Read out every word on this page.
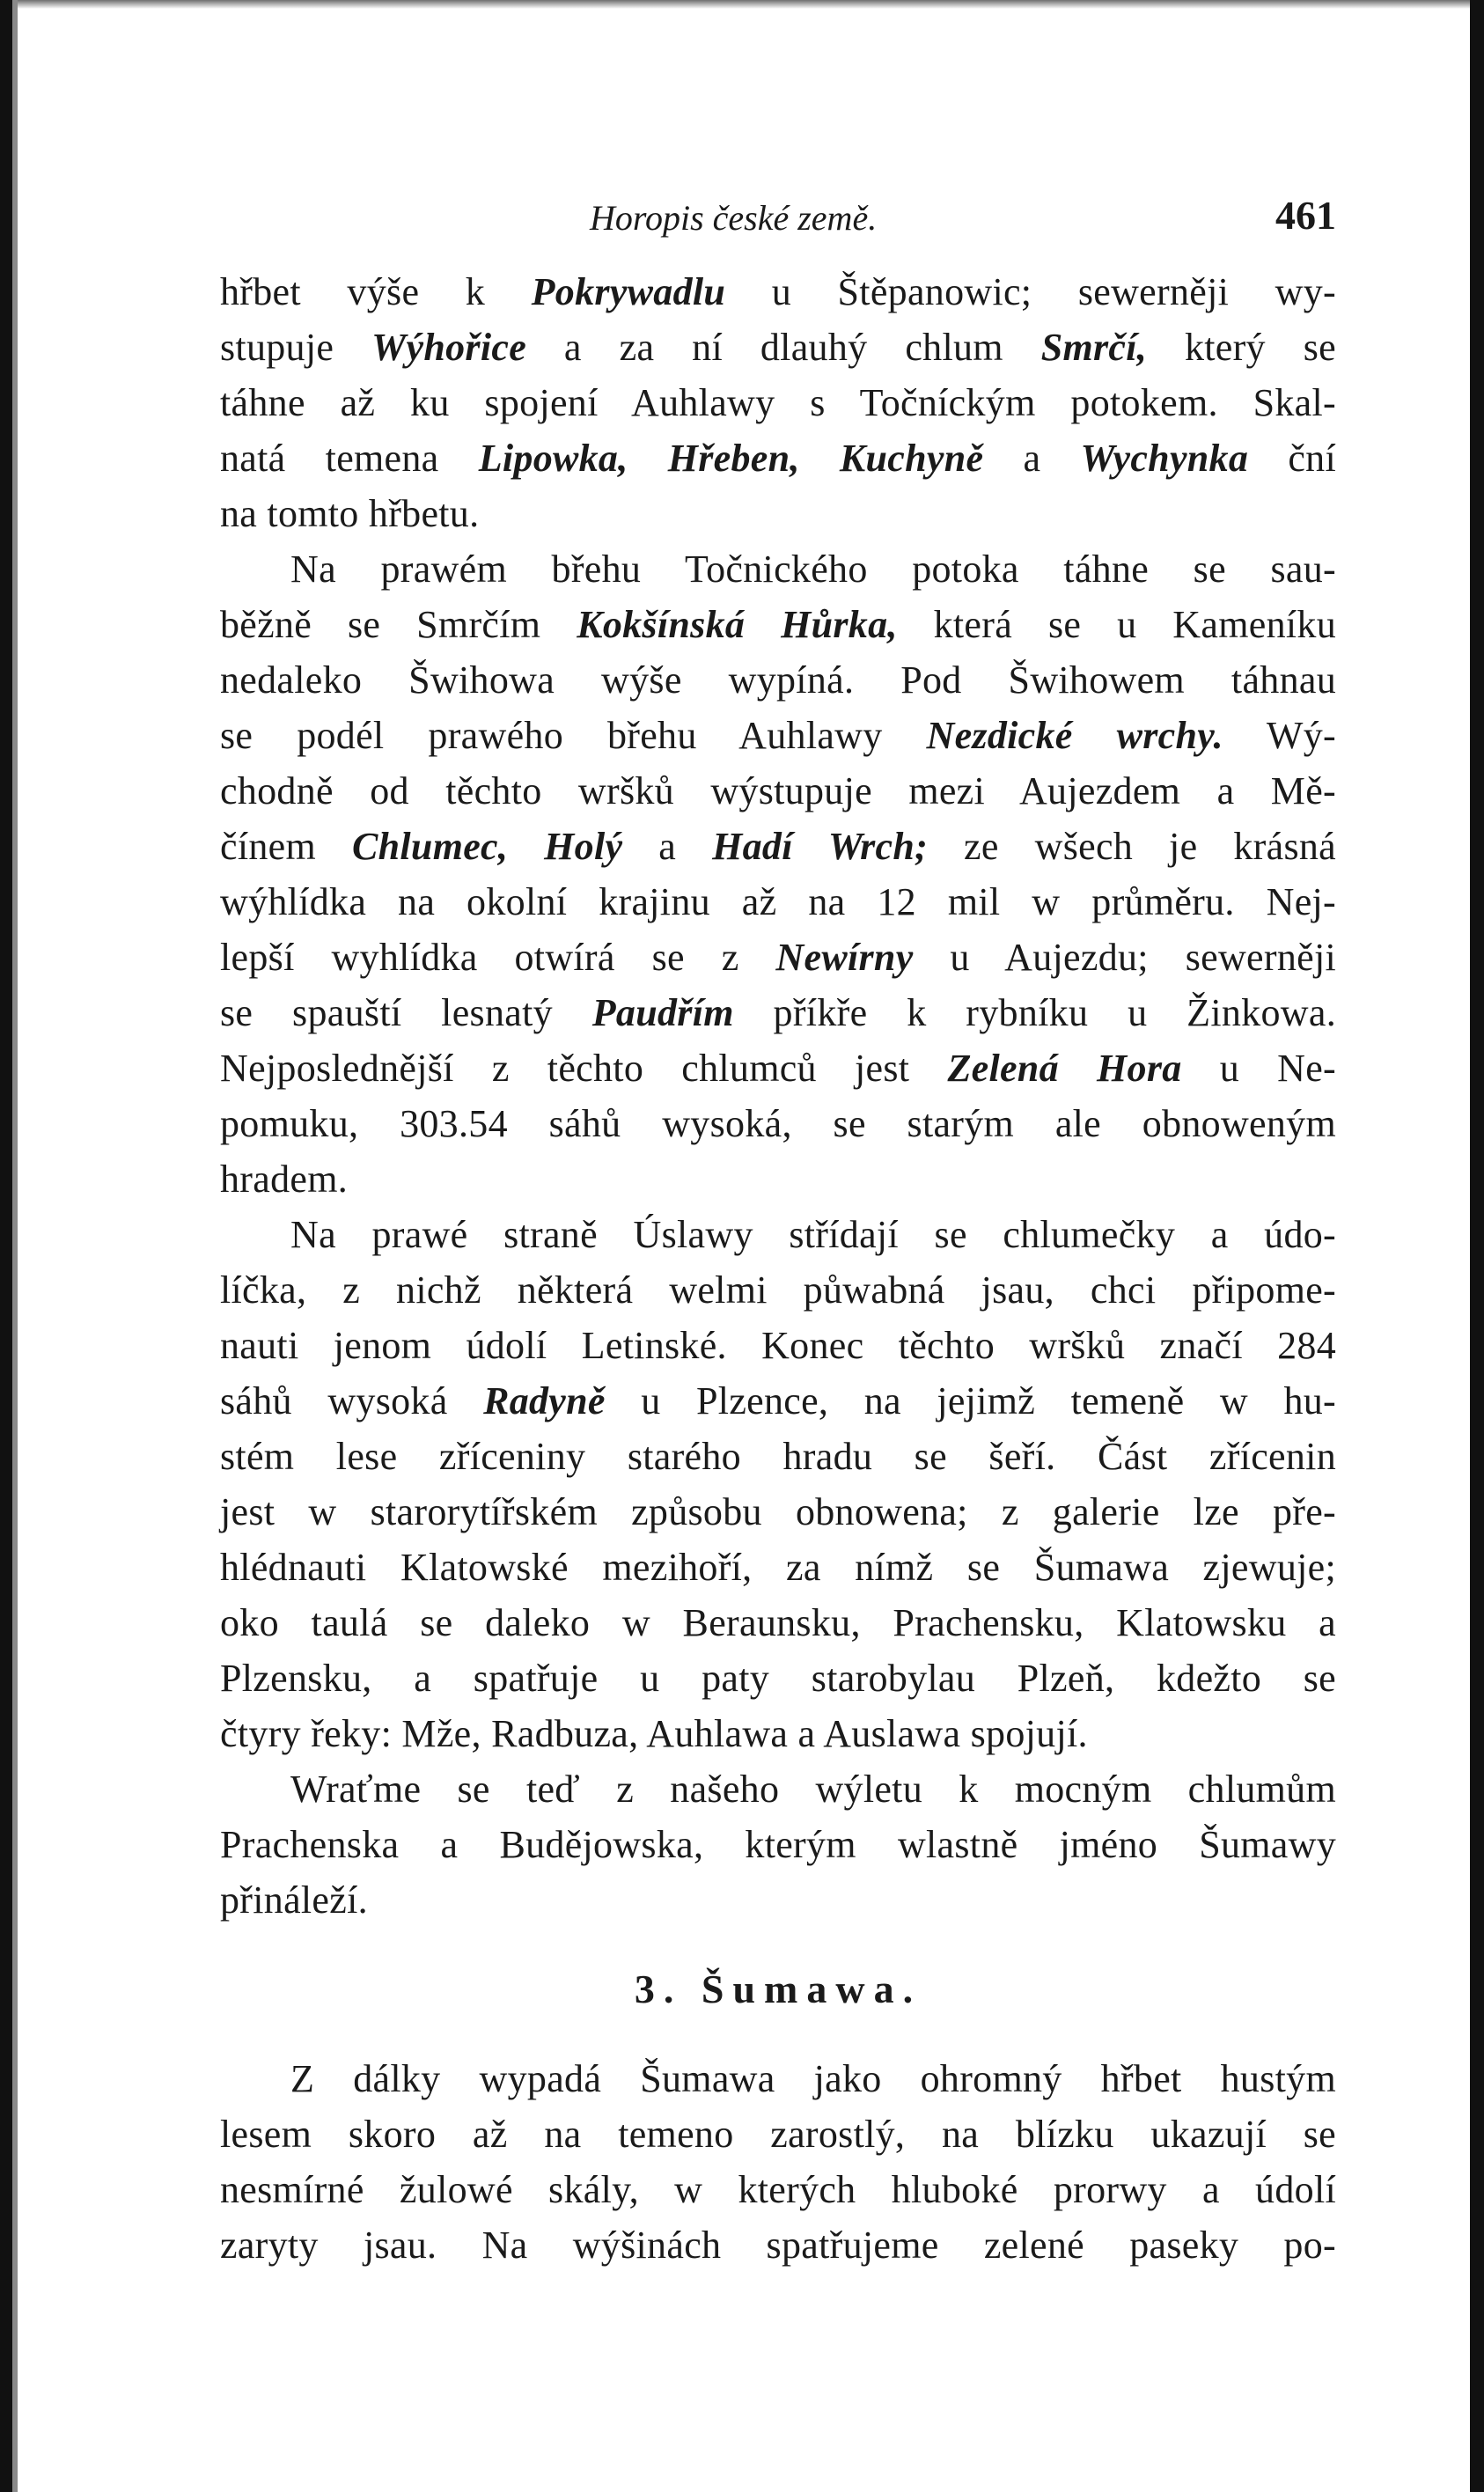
Horopis české země.	461
hřbet výše k Pokrywadlu u Štěpanowic; sewerněji wy-
stupuje Wýhořice a za ní dlauhý chlum Smrčí, který se
táhne až ku spojení Auhlawy s Točníckým potokem. Skal-
natá temena Lipowka, Hřeben, Kuchyně a Wychynka ční
na tomto hřbetu.
Na prawém břehu Točnického potoka táhne se sau-
běžně se Smrčím Kokšínská Hůrka, která se u Kameníku
nedaleko Šwihowa wýše wypíná. Pod Šwihowem táhnau
se podél prawého břehu Auhlawy Nezdické wrchy. Wý-
chodně od těchto wršků wýstupuje mezi Aujezdem a Mě-
čínem Chlumec, Holý a Hadí Wrch; ze wšech je krásná
wýhlídka na okolní krajinu až na 12 mil w průměru. Nej-
lepší wyhlídka otwírá se z Newírny u Aujezdu; sewerněji
se spauští lesnatý Paudřím příkře k rybníku u Žinkowa.
Nejposlednější z těchto chlumců jest Zelená Hora u Ne-
pomuku, 303.54 sáhů wysoká, se starým ale obnoweným
hradem.
Na prawé straně Úslawy střídají se chlumečky a údo-
líčka, z nichž některá welmi půwabná jsau, chci připome-
nauti jenom údolí Letinské. Konec těchto wršků značí 284
sáhů wysoká Radyně u Plzence, na jejimž temeně w hu-
stém lese zříceniny starého hradu se šeří. Část zřícenin
jest w starorytířském způsobu obnowena; z galerie lze pře-
hlédnauti Klatowské mezihoří, za nímž se Šumawa zjewuje;
oko taulá se daleko w Beraunsku, Prachensku, Klatowsku a
Plzensku, a spatřuje u paty starobylau Plzeň, kdežto se
čtyry řeky: Mže, Radbuza, Auhlawa a Auslawa spojují.
Wraťme se teď z našeho wýletu k mocným chlumům
Prachenska a Budějowska, kterým wlastně jméno Šumawy
přináleží.
3. Šumawa.
Z dálky wypadá Šumawa jako ohromný hřbet hustým
lesem skoro až na temeno zarostlý, na blízku ukazují se
nesmírné žulowé skály, w kterých hluboké prorwy a údolí
zaryty jsau. Na wýšinách spatřujeme zelené paseky po-
